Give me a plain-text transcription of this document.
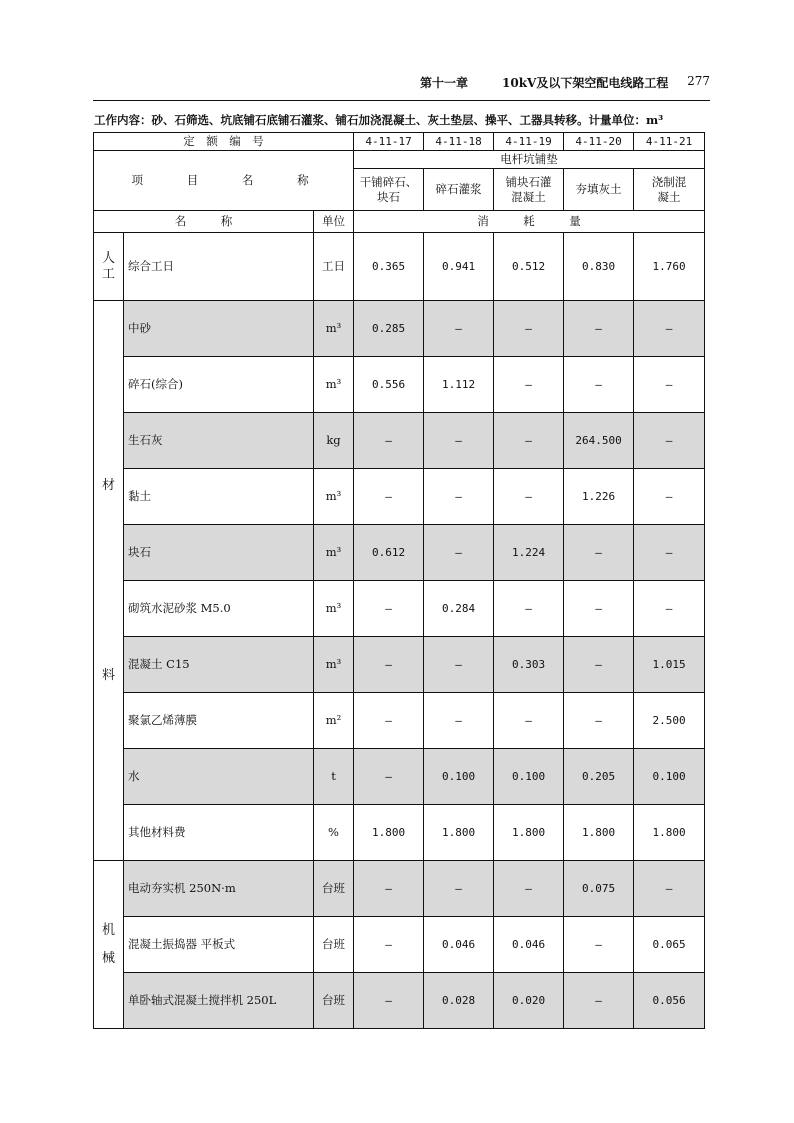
第十一章	10kV及以下架空配电线路工程 277
工作内容：砂、石筛选、坑底铺石底铺石灌浆、铺石加浇混凝土、灰土垫层、操平、工器具转移。计量单位：m³
定　额　编　号			4-11-17	4-11-18	4-11-19	4-11-20	4-11-21
项　　目　　名　　称			电杆坑铺垫				
			干铺碎石、块石	碎石灌浆	铺块石灌混凝土	夯填灰土	浇制混凝土
名　　　称		单位	消　　　耗　　　量				
人工	综合工日	工日	0.365	0.941	0.512	0.830	1.760
材料	中砂	m³	0.285	—	—	—	—
	碎石(综合)	m³	0.556	1.112	—	—	—
	生石灰	kg	—	—	—	264.500	—
	黏土	m³	—	—	—	1.226	—
	块石	m³	0.612	—	1.224	—	—
	砌筑水泥砂浆 M5.0	m³	—	0.284	—	—	—
	混凝土 C15	m³	—	—	0.303	—	1.015
	聚氯乙烯薄膜	m²	—	—	—	—	2.500
	水	t	—	0.100	0.100	0.205	0.100
	其他材料费	%	1.800	1.800	1.800	1.800	1.800
机械	电动夯实机 250N·m	台班	—	—	—	0.075	—
	混凝土振捣器 平板式	台班	—	0.046	0.046	—	0.065
	单卧轴式混凝土搅拌机 250L	台班	—	0.028	0.020	—	0.056
